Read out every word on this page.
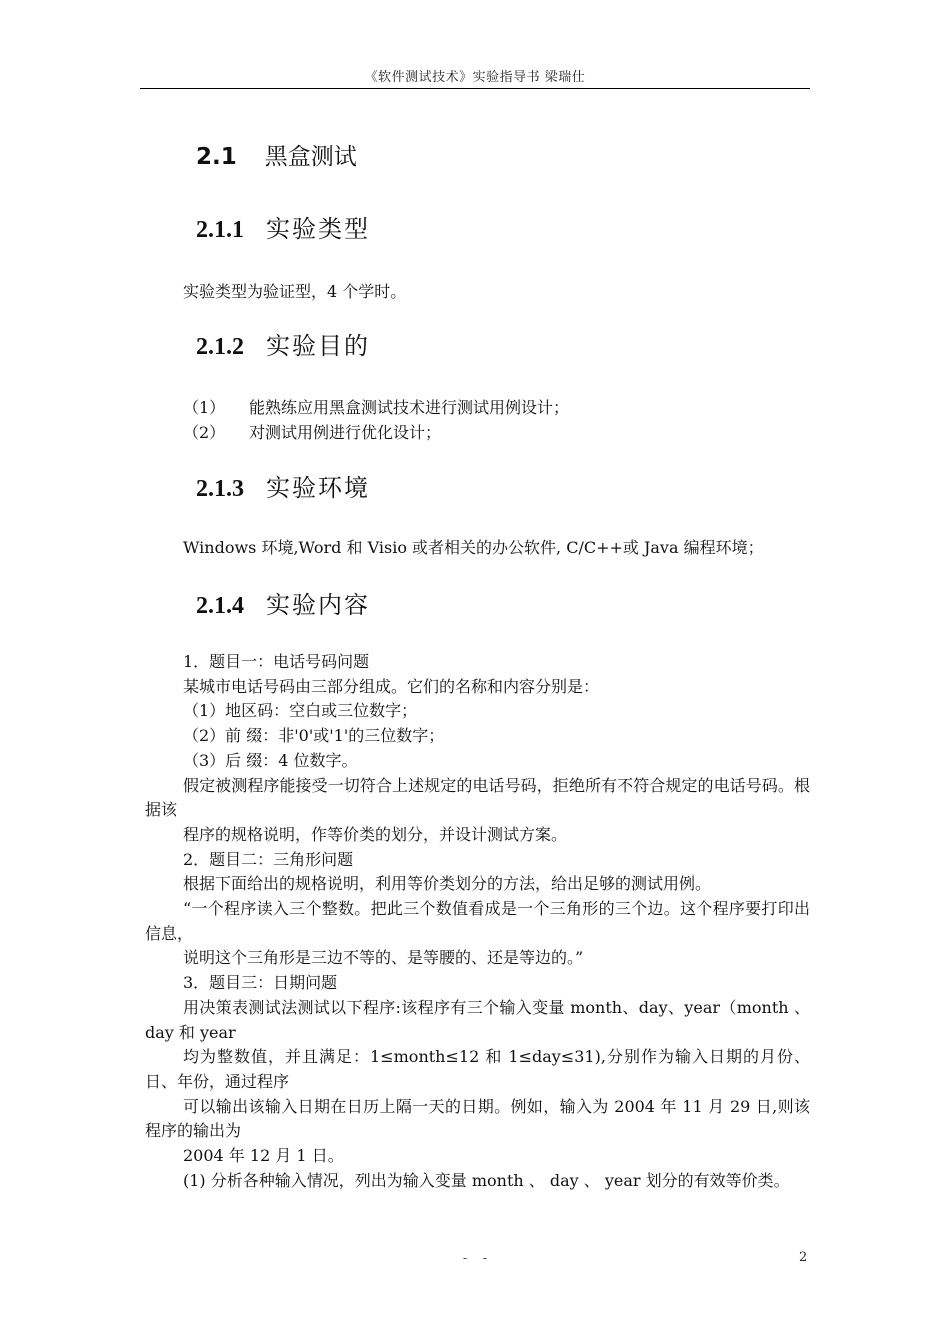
《软件测试技术》实验指导书 梁瑞仕
2.1 黑盒测试
2.1.1 实验类型
实验类型为验证型，4 个学时。
2.1.2 实验目的
（1） 能熟练应用黑盒测试技术进行测试用例设计；
（2） 对测试用例进行优化设计；
2.1.3 实验环境
Windows 环境,Word 和 Visio 或者相关的办公软件, C/C++或 Java 编程环境；
2.1.4 实验内容

1．题目一：电话号码问题

某城市电话号码由三部分组成。它们的名称和内容分别是：

（1）地区码：空白或三位数字；

（2）前 缀：非'0'或'1'的三位数字；

（3）后 缀：4 位数字。

假定被测程序能接受一切符合上述规定的电话号码，拒绝所有不符合规定的电话号码。根据该

程序的规格说明，作等价类的划分，并设计测试方案。

2．题目二：三角形问题

根据下面给出的规格说明，利用等价类划分的方法，给出足够的测试用例。

“一个程序读入三个整数。把此三个数值看成是一个三角形的三个边。这个程序要打印出信息，

说明这个三角形是三边不等的、是等腰的、还是等边的。”

3．题目三：日期问题

用决策表测试法测试以下程序:该程序有三个输入变量 month、day、year（month 、 day 和 year

均为整数值，并且满足：1≤month≤12 和 1≤day≤31),分别作为输入日期的月份、日、年份，通过程序

可以输出该输入日期在日历上隔一天的日期。例如，输入为 2004 年 11 月 29 日,则该程序的输出为

2004 年 12 月 1 日。

(1) 分析各种输入情况，列出为输入变量 month 、 day 、 year 划分的有效等价类。

- -	2
